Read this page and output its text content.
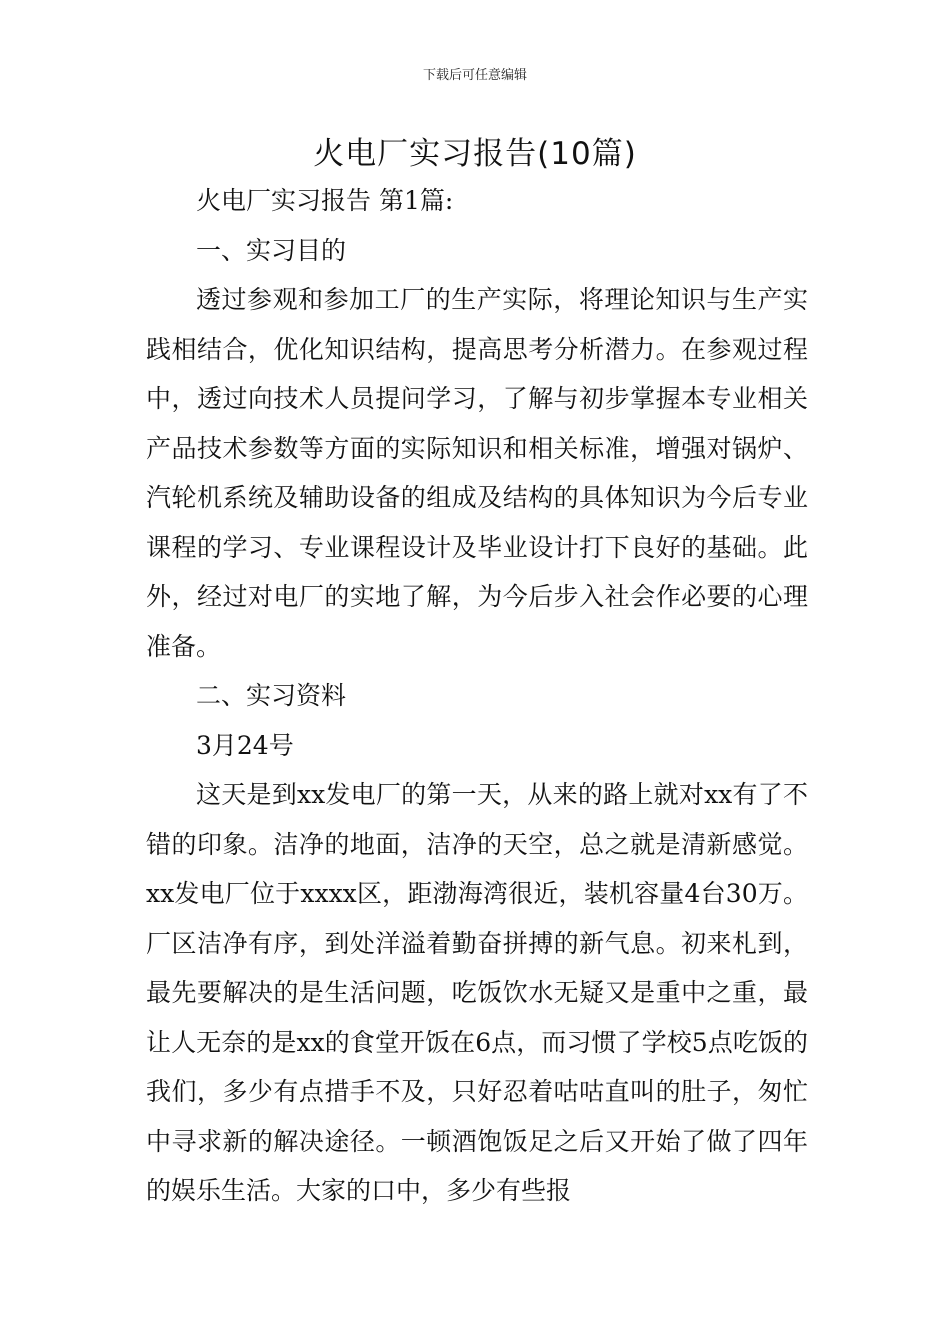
下载后可任意编辑
火电厂实习报告(10篇)

火电厂实习报告 第1篇:

一、实习目的

透过参观和参加工厂的生产实际，将理论知识与生产实践相结合，优化知识结构，提高思考分析潜力。在参观过程中，透过向技术人员提问学习，了解与初步掌握本专业相关产品技术参数等方面的实际知识和相关标准，增强对锅炉、汽轮机系统及辅助设备的组成及结构的具体知识为今后专业课程的学习、专业课程设计及毕业设计打下良好的基础。此外，经过对电厂的实地了解，为今后步入社会作必要的心理准备。

二、实习资料

3月24号

这天是到xx发电厂的第一天，从来的路上就对xx有了不错的印象。洁净的地面，洁净的天空，总之就是清新感觉。xx发电厂位于xxxx区，距渤海湾很近，装机容量4台30万。厂区洁净有序，到处洋溢着勤奋拼搏的新气息。初来札到，最先要解决的是生活问题，吃饭饮水无疑又是重中之重，最让人无奈的是xx的食堂开饭在6点，而习惯了学校5点吃饭的我们，多少有点措手不及，只好忍着咕咕直叫的肚子，匆忙中寻求新的解决途径。一顿酒饱饭足之后又开始了做了四年的娱乐生活。大家的口中，多少有些报
